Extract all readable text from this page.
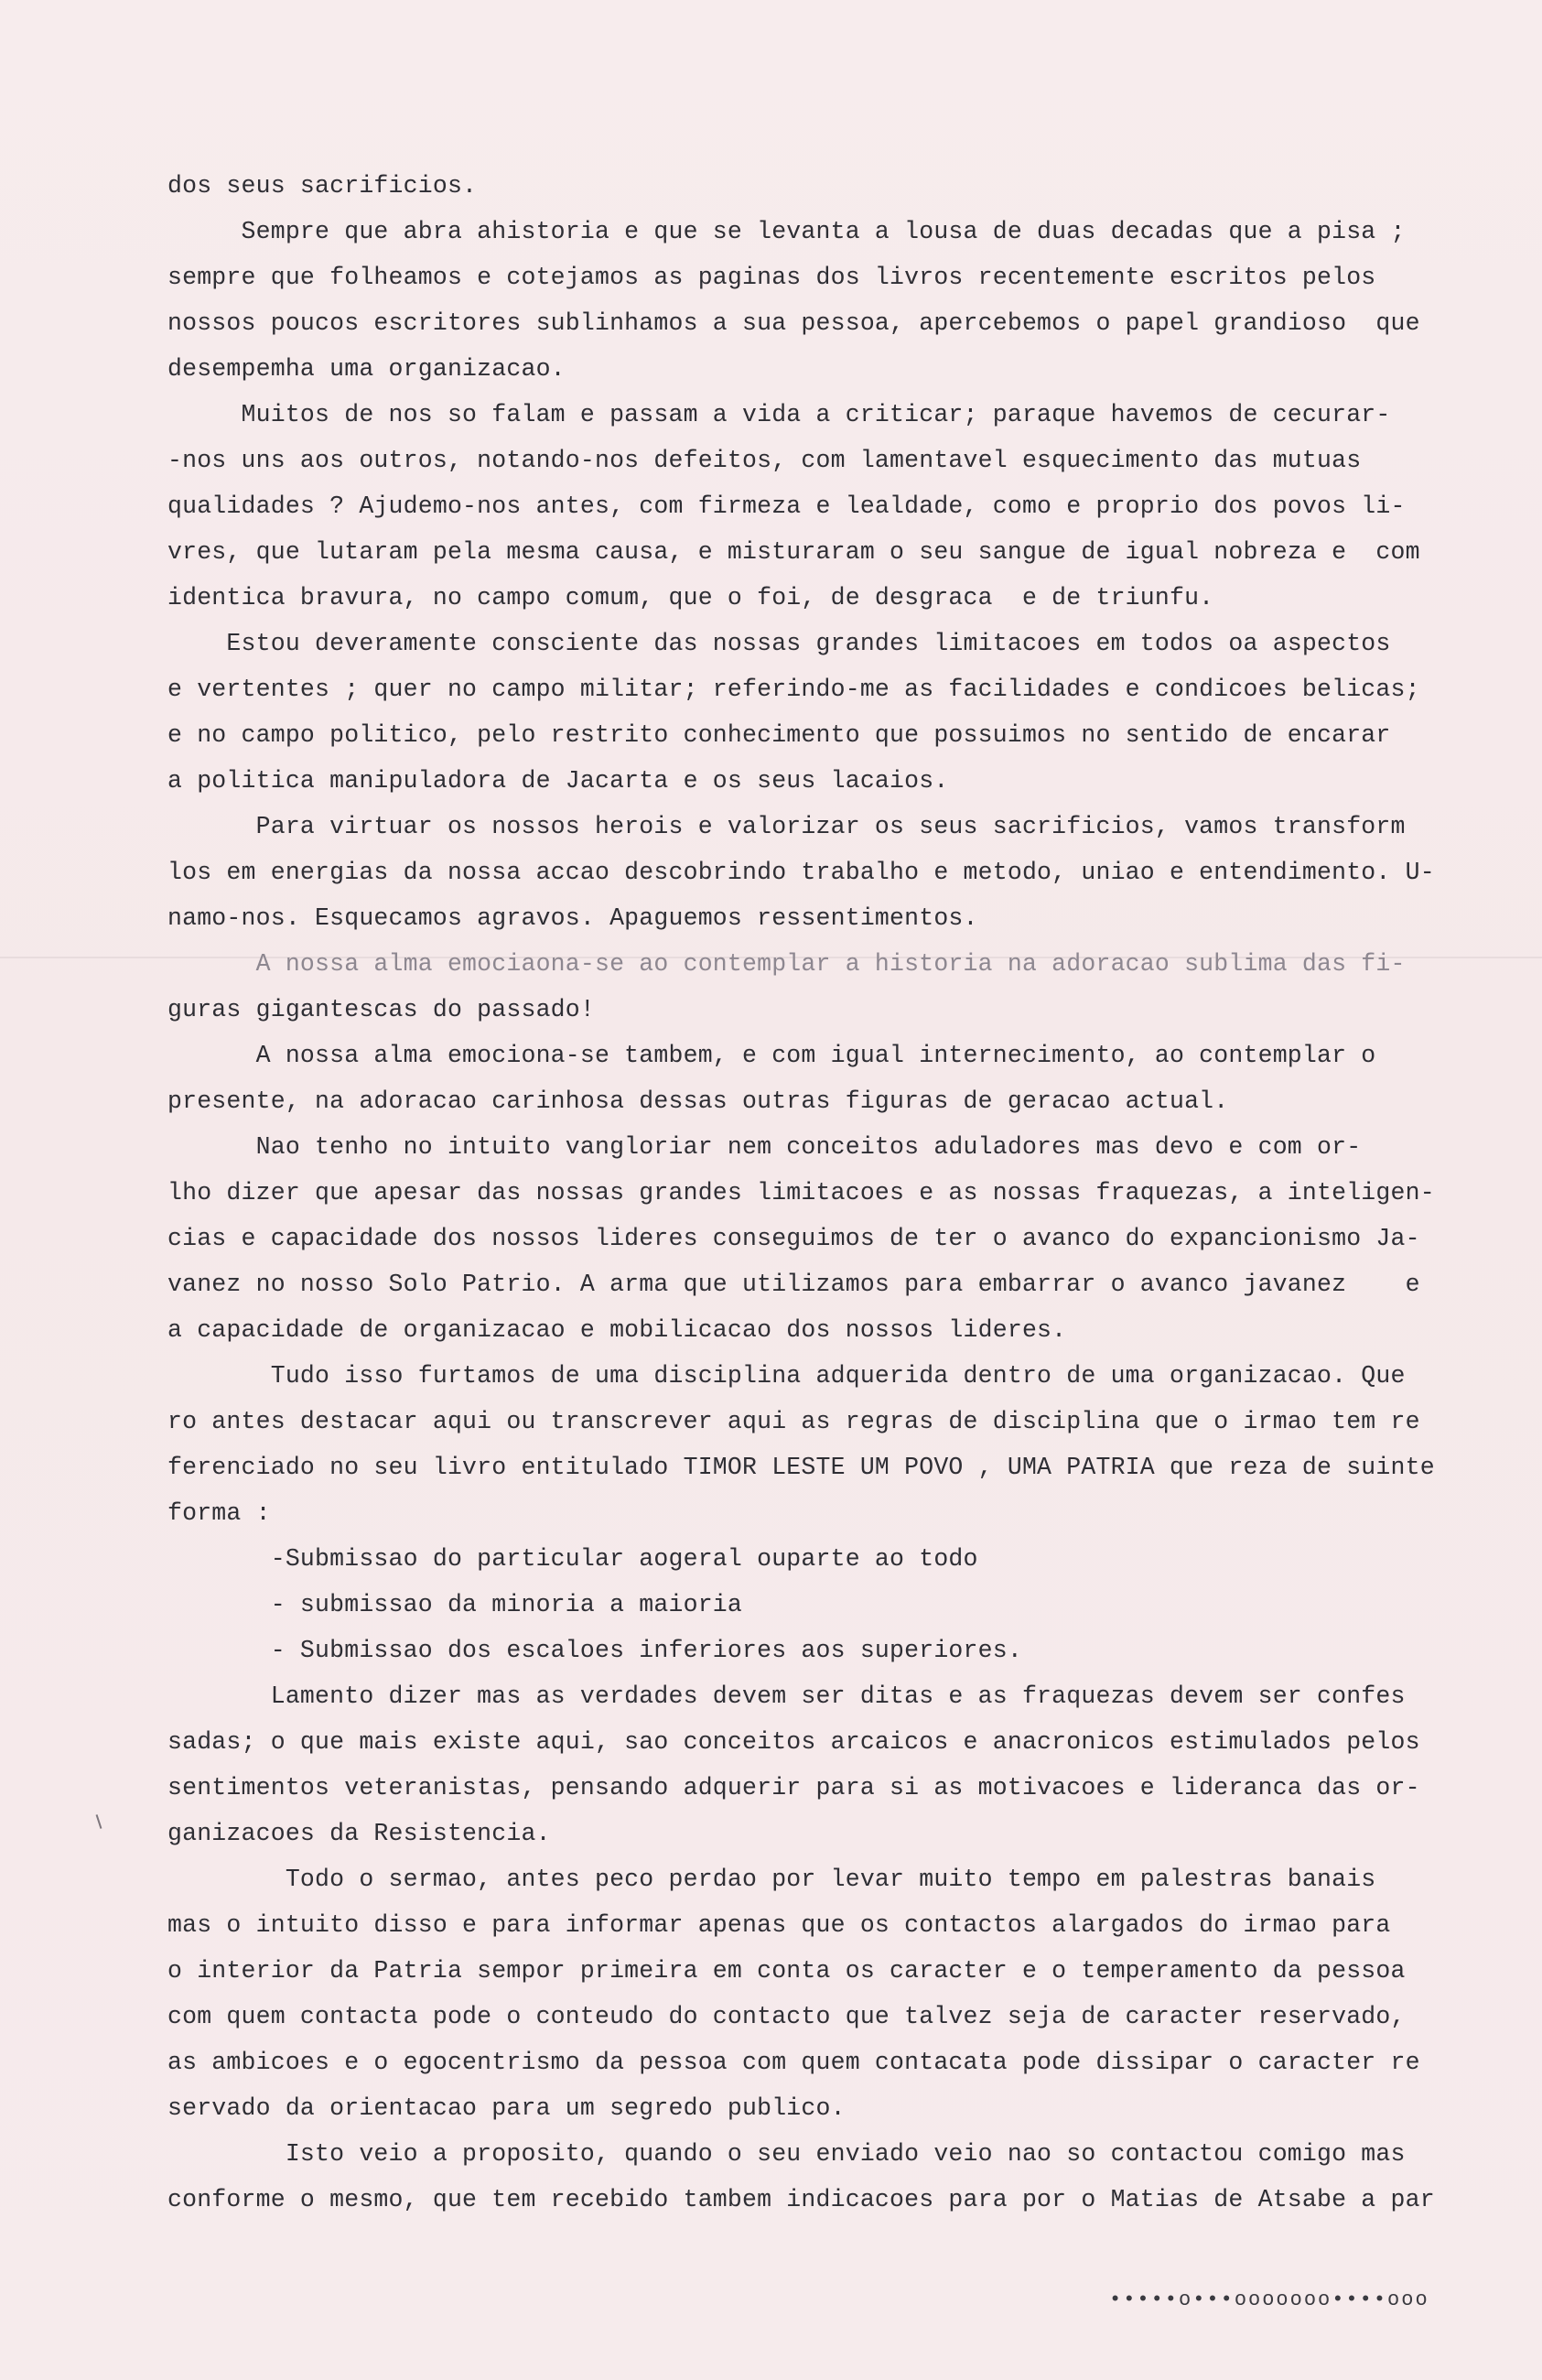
dos seus sacrificios.
Sempre que abra ahistoria e que se levanta a lousa de duas decadas que a pisa ;
sempre que folheamos e cotejamos as paginas dos livros recentemente escritos pelos
nossos poucos escritores sublinhamos a sua pessoa, apercebemos o papel grandioso  que
desempemha uma organizacao.
Muitos de nos so falam e passam a vida a criticar; paraque havemos de cecurar-
-nos uns aos outros, notando-nos defeitos, com lamentavel esquecimento das mutuas
qualidades ? Ajudemo-nos antes, com firmeza e lealdade, como e proprio dos povos li-
vres, que lutaram pela mesma causa, e misturaram o seu sangue de igual nobreza e  com
identica bravura, no campo comum, que o foi, de desgraca  e de triunfu.
Estou deveramente consciente das nossas grandes limitacoes em todos oa aspectos
e vertentes ; quer no campo militar; referindo-me as facilidades e condicoes belicas;
e no campo politico, pelo restrito conhecimento que possuimos no sentido de encarar
a politica manipuladora de Jacarta e os seus lacaios.
Para virtuar os nossos herois e valorizar os seus sacrificios, vamos transform
los em energias da nossa accao descobrindo trabalho e metodo, uniao e entendimento. U-
namo-nos. Esquecamos agravos. Apaguemos ressentimentos.
A nossa alma emociaona-se ao contemplar a historia na adoracao sublima das fi-
guras gigantescas do passado!
A nossa alma emociona-se tambem, e com igual internecimento, ao contemplar o
presente, na adoracao carinhosa dessas outras figuras de geracao actual.
Nao tenho no intuito vangloriar nem conceitos aduladores mas devo e com or-
lho dizer que apesar das nossas grandes limitacoes e as nossas fraquezas, a inteligen-
cias e capacidade dos nossos lideres conseguimos de ter o avanco do expancionismo Ja-
vanez no nosso Solo Patrio. A arma que utilizamos para embarrar o avanco javanez    e
a capacidade de organizacao e mobilicacao dos nossos lideres.
Tudo isso furtamos de uma disciplina adquerida dentro de uma organizacao. Que
ro antes destacar aqui ou transcrever aqui as regras de disciplina que o irmao tem re
ferenciado no seu livro entitulado TIMOR LESTE UM POVO , UMA PATRIA que reza de suinte
forma :
-Submissao do particular aogeral ouparte ao todo
- submissao da minoria a maioria
- Submissao dos escaloes inferiores aos superiores.
Lamento dizer mas as verdades devem ser ditas e as fraquezas devem ser confes
sadas; o que mais existe aqui, sao conceitos arcaicos e anacronicos estimulados pelos
sentimentos veteranistas, pensando adquerir para si as motivacoes e lideranca das or-
ganizacoes da Resistencia.
Todo o sermao, antes peco perdao por levar muito tempo em palestras banais
mas o intuito disso e para informar apenas que os contactos alargados do irmao para
o interior da Patria sempor primeira em conta os caracter e o temperamento da pessoa
com quem contacta pode o conteudo do contacto que talvez seja de caracter reservado,
as ambicoes e o egocentrismo da pessoa com quem contacata pode dissipar o caracter re
servado da orientacao para um segredo publico.
Isto veio a proposito, quando o seu enviado veio nao so contactou comigo mas
conforme o mesmo, que tem recebido tambem indicacoes para por o Matias de Atsabe a par
•••••o•••ooooooo••••ooo
